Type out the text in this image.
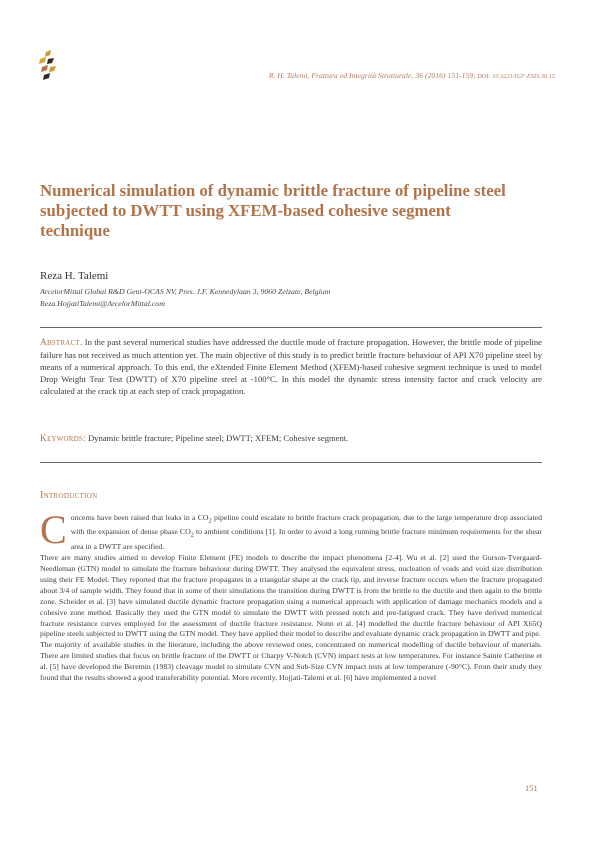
R. H. Talemi, Frattura ed Integrità Strutturale, 36 (2016) 151-159; DOI: 10.3221/IGF-ESIS.36.15
Numerical simulation of dynamic brittle fracture of pipeline steel subjected to DWTT using XFEM-based cohesive segment technique
Reza H. Talemi
ArcelorMittal Global R&D Gent-OCAS NV, Pres. J.F. Kennedylaan 3, 9060 Zelzate, Belgium
Reza.HojjatiTalemi@ArcelorMittal.com

Abstract. In the past several numerical studies have addressed the ductile mode of fracture propagation. However, the brittle mode of pipeline failure has not received as much attention yet. The main objective of this study is to predict brittle fracture behaviour of API X70 pipeline steel by means of a numerical approach. To this end, the eXtended Finite Element Method (XFEM)-based cohesive segment technique is used to model Drop Weight Tear Test (DWTT) of X70 pipeline steel at -100°C. In this model the dynamic stress intensity factor and crack velocity are calculated at the crack tip at each step of crack propagation.

Keywords: Dynamic brittle fracture; Pipeline steel; DWTT; XFEM; Cohesive segment.
Introduction

Concerns have been raised that leaks in a $CO_2$ pipeline could escalate to brittle fracture crack propagation, due to the large temperature drop associated with the expansion of dense phase $CO_2$ to ambient conditions [1]. In order to avoid a long running brittle fracture minimum requirements for the shear area in a DWTT are specified.

There are many studies aimed to develop Finite Element (FE) models to describe the impact phenomena [2-4]. Wu et al. [2] used the Gurson-Tvergaard-Needleman (GTN) model to simulate the fracture behaviour during DWTT. They analysed the equivalent stress, nucleation of voids and void size distribution using their FE Model. They reported that the fracture propagates in a triangular shape at the crack tip, and inverse fracture occurs when the fracture propagated about 3/4 of sample width. They found that in some of their simulations the transition during DWTT is from the brittle to the ductile and then again to the brittle zone. Scheider et al. [3] have simulated ductile dynamic fracture propagation using a numerical approach with application of damage mechanics models and a cohesive zone method. Basically they used the GTN model to simulate the DWTT with pressed notch and pre-fatigued crack. They have derived numerical fracture resistance curves employed for the assessment of ductile fracture resistance. Nonn et al. [4] modelled the ductile fracture behaviour of API X65Q pipeline steels subjected to DWTT using the GTN model. They have applied their model to describe and evaluate dynamic crack propagation in DWTT and pipe.

The majority of available studies in the literature, including the above reviewed ones, concentrated on numerical modelling of ductile behaviour of materials. There are limited studies that focus on brittle fracture of the DWTT or Charpy V-Notch (CVN) impact tests at low temperatures. For instance Sainte Catherine et al. [5] have developed the Beremin (1983) cleavage model to simulate CVN and Sub-Size CVN impact tests at low temperature (-90°C). From their study they found that the results showed a good transferability potential. More recently, Hojjati-Talemi et al. [6] have implemented a novel

151
